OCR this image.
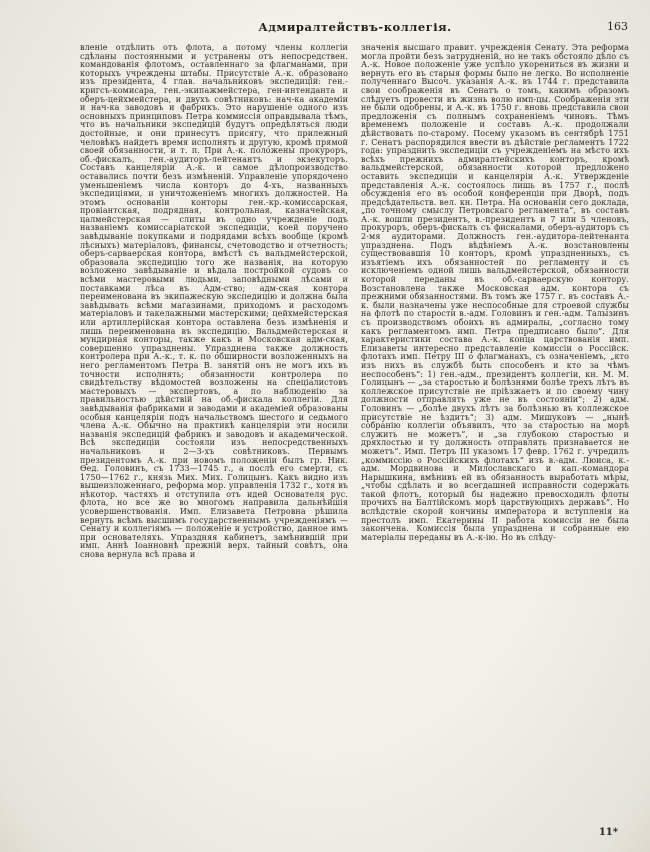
Адмиралтействъ-коллегія.	163
вленіе отдѣлить отъ флота, а потому члены коллегіи сдѣланы постоянными и устранены отъ непосредствен. командованія флотомъ, оставленнаго за флагманами, при которыхъ учреждены штабы. Присутствіе А.-к. образовано изъ президента, 4 глав. начальниковъ экспедицій: ген.-кригсъ-комисара, ген.-экипажмейстера, ген-интенданта и оберъ-цейхмейстера, и двухъ совѣтниковъ: нач-ка академіи и нач-ка заводовъ и фабрикъ. Это нарушеніе одного изъ основныхъ принциповъ Петра коммиссія оправдывала тѣмъ, что въ начальники экспедицій будутъ опредѣляться люди достойные, и они принесутъ присягу, что прилежный человѣкъ найдетъ время исполнять и другую, кромѣ прямой своей обязанности, и т. п. При А.-к. положены прокуроръ, об.-фискалъ, ген.-аудиторъ-лейтенантъ и экзекуторъ. Составъ канцеляріи А.-к. и самое дѣлопроизводство оставались почти безъ измѣненій. Управленіе упорядочено уменьшеніемъ числа конторъ до 4-хъ, названныхъ экспедиціями, и уничтоженіемъ многихъ должностей. На этомъ основаніи конторы ген.-кр.-комиссарская, провіантская, подрядная, контрольная, казначейская, цалмейстерская — слиты въ одно учрежденіе подъ названіемъ комиссаріатской экспедиціи, коей поручено завѣдываніе покупками и подрядами всѣхъ вообще (кромѣ лѣсныхъ) матеріаловъ, финансы, счетоводство и отчетность; оберъ-сарваерская контора, вмѣстѣ съ вальдмейстерской, образовала экспедицію того же названія, на которую возложено завѣдываніе и вѣдала постройкой судовъ со всѣми мастеровыми людьми, заповѣдными лѣсами и поставками лѣса въ Адм-ство; адм-ская контора переименована въ экипажескую экспедицію и должна была завѣдывать всѣми магазинами, приходомъ и расходомъ матеріаловъ и такелажными мастерскими; цейхмейстерская или артиллерійская контора оставлена безъ измѣненія и лишь переименована въ экспедицію. Вальдмейстерская и мундирная конторы, также какъ и Московская адм-ская, совершенно упразднены. Упразднена также должность контролера при А.-к., т. к. по обширности возложенныхъ на него регламентомъ Петра В. занятій онъ не могъ ихъ въ точности исполнять; обязанности контролера по свидѣтельству вѣдомостей возложены на спеціалистовъ мастеровыхъ — экспертовъ, а по наблюденію за правильностью дѣйствій на об.-фискала коллегіи. Для завѣдыванія фабриками и заводами и академіей образованы особыя канцеляріи подъ начальствомъ шестого и седьмого члена А.-к. Обычно на практикѣ канцеляріи эти носили названія экспедицій фабрикъ и заводовъ и академической. Всѣ экспедиціи состояли изъ непосредственныхъ начальниковъ и 2—3-хъ совѣтниковъ. Первымъ президентомъ А.-к. при новомъ положеніи былъ гр. Ник. Ѳед. Головинъ, съ 1733—1745 г., а послѣ его смерти, съ 1750—1762 г., князь Мих. Мих. Голицынъ. Какъ видно изъ вышеизложеннаго, реформа мор. управленія 1732 г., хотя въ нѣкотор. частяхъ и отступила отъ идей Основателя рус. флота, но все же во многомъ направила дальнѣйшія усовершенствованія. Имп. Елизавета Петровна рѣшила вернуть всѣмъ высшимъ государственнымъ учрежденіямъ — Сенату и коллегіямъ — положеніе и устройство, данное имъ при основателяхъ. Упраздняя кабинетъ, замѣнившій при имп. Аннѣ Іоанновнѣ прежній верх. тайный совѣтъ, она снова вернула всѣ права и
значенія высшаго правит. учрежденія Сенату. Эта реформа могла пройти безъ затрудненій, но не такъ обстояло дѣло съ А.-к. Новое положеніе уже успѣло укорениться въ жизни и вернуть его въ старыя формы было не легко. Во исполненіе полученнаго Высоч. указанія А.-к. въ 1744 г. представила свои соображенія въ Сенатъ о томъ, какимъ образомъ слѣдуетъ провести въ жизнь волю имп-цы. Соображенія эти не были одобрены, и А.-к. въ 1750 г. вновь представила свои предложенія съ полнымъ сохраненіемъ чиновъ. Тѣмъ временемъ положеніе и составъ А.-к. продолжали дѣйствовать по-старому. Посему указомъ въ сентябрѣ 1751 г. Сенатъ распорядился ввести въ дѣйствіе регламентъ 1722 года: упразднить экспедиціи съ учрежденіемъ на мѣсто ихъ всѣхъ прежнихъ адмиралтейскихъ конторъ, кромѣ вальдмейстерской, обязанности которой предложено оставить экспедиціи и канцеляріи А.-к. Утвержденіе представленія А.-к. состоялось лишь въ 1757 г., послѣ обсужденія его въ особой конференціи при Дворѣ, подъ предсѣдательств. вел. кн. Петра. На основаніи сего доклада, „по точному смыслу Петровскаго регламента“, въ составъ А.-к. вошли президентъ, в.-президентъ и 7 или 5 членовъ, прокуроръ, оберъ-фискалъ съ фискалами, оберъ-аудиторъ съ 2-мя аудиторами. Должность ген.-аудитора-лейтенанта упразднена. Подъ вѣдѣніемъ А.-к. возстановлены существовавшія 10 конторъ, кромѣ упраздненныхъ, съ изъятіемъ ихъ обязанностей по регламенту и съ исключеніемъ одной лишь вальдмейстерской, обязанности которой переданы въ об.-сарваерскую контору. Возстановлена также Московская адм. контора съ прежними обязанностями. Въ томъ же 1757 г. въ составъ А.-к. были назначены уже неспособные для строевой службы на флотѣ по старости в.-адм. Головинъ и ген.-адм. Талызинъ съ производствомъ обоихъ въ адмиралы, „согласно тому какъ регламентомъ имп. Петра предписано было“. Для характеристики состава А.-к. конца царствованія имп. Елизаветы интересно представленіе комиссіи о Россійск. флотахъ имп. Петру III о флагманахъ, съ означеніемъ, „кто изъ нихъ въ службѣ быть способенъ и кто за чѣмъ неспособенъ“: 1) ген.-адм., президентъ коллегіи, кн. М. М. Голицынъ — „за старостью и болѣзнями болѣе трехъ лѣтъ въ коллежское присутствіе не пріѣзжаетъ и по своему чину должности отправлять уже не въ состояніи“; 2) адм. Головинъ — „болѣе двухъ лѣтъ за болѣзнью въ коллежское присутствіе не ѣздитъ“; 3) адм. Мишуковъ — „нынѣ собранію коллегіи объявилъ, что за старостью на морѣ служить не можетъ“, и „за глубокою старостью и дряхлостью и ту должность отправлять признавается не можетъ“. Имп. Петръ III указомъ 17 февр. 1762 г. учредилъ „коммиссію о Россійскихъ флотахъ“ изъ в.-адм. Люиса, к.-адм. Мордвинова и Милославскаго и кап.-командора Нарышкина, вмѣнивъ ей въ обязанность выработать мѣры, „чтобы сдѣлать и во всегдашней исправности содержать такой флотъ, который бы надежно превосходилъ флоты прочихъ на Балтійскомъ морѣ царствующихъ державъ“. Но вслѣдствіе скорой кончины императора и вступленія на престолъ имп. Екатерины II работа комиссіи не была закончена. Комиссія была упразднена и собранные ею матеріалы переданы въ А.-к-ію. Но въ слѣду-
11*
